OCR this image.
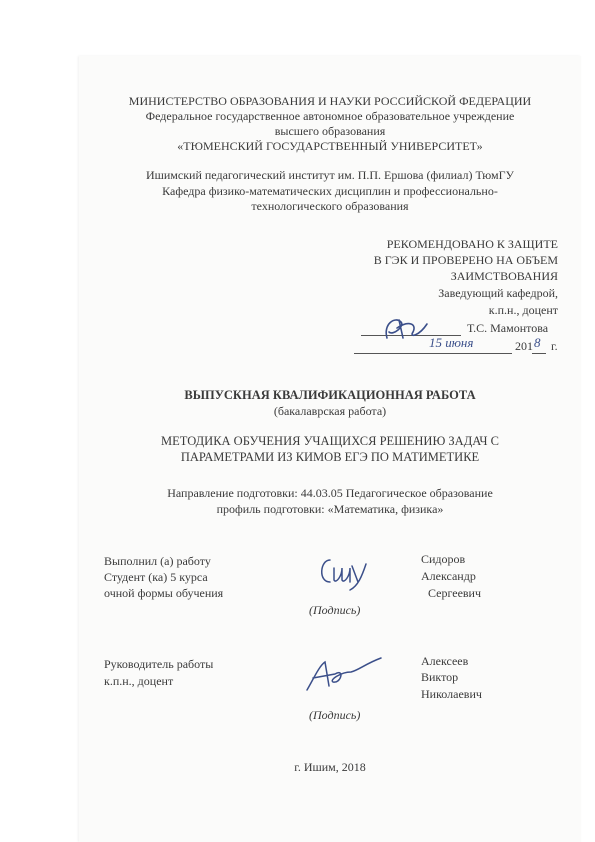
МИНИСТЕРСТВО ОБРАЗОВАНИЯ И НАУКИ РОССИЙСКОЙ ФЕДЕРАЦИИ
Федеральное государственное автономное образовательное учреждение
высшего образования
«ТЮМЕНСКИЙ ГОСУДАРСТВЕННЫЙ УНИВЕРСИТЕТ»
Ишимский педагогический институт им. П.П. Ершова (филиал) ТюмГУ
Кафедра физико-математических дисциплин и профессионально-
технологического образования
РЕКОМЕНДОВАНО К ЗАЩИТЕ
В ГЭК И ПРОВЕРЕНО НА ОБЪЕМ
ЗАИМСТВОВАНИЯ
Заведующий кафедрой,
к.п.н., доцент
Т.С. Мамонтова
15 июня	201 8 г.
ВЫПУСКНАЯ КВАЛИФИКАЦИОННАЯ РАБОТА
(бакалаврская работа)
МЕТОДИКА ОБУЧЕНИЯ УЧАЩИХСЯ РЕШЕНИЮ ЗАДАЧ С
ПАРАМЕТРАМИ ИЗ КИМОВ ЕГЭ ПО МАТИМЕТИКЕ
Направление подготовки: 44.03.05 Педагогическое образование
профиль подготовки: «Математика, физика»
Выполнил (а) работу
Студент (ка) 5 курса
очной формы обучения
(Подпись)
Сидоров
Александр
Сергеевич
Руководитель работы
к.п.н., доцент
(Подпись)
Алексеев
Виктор
Николаевич
г. Ишим, 2018
